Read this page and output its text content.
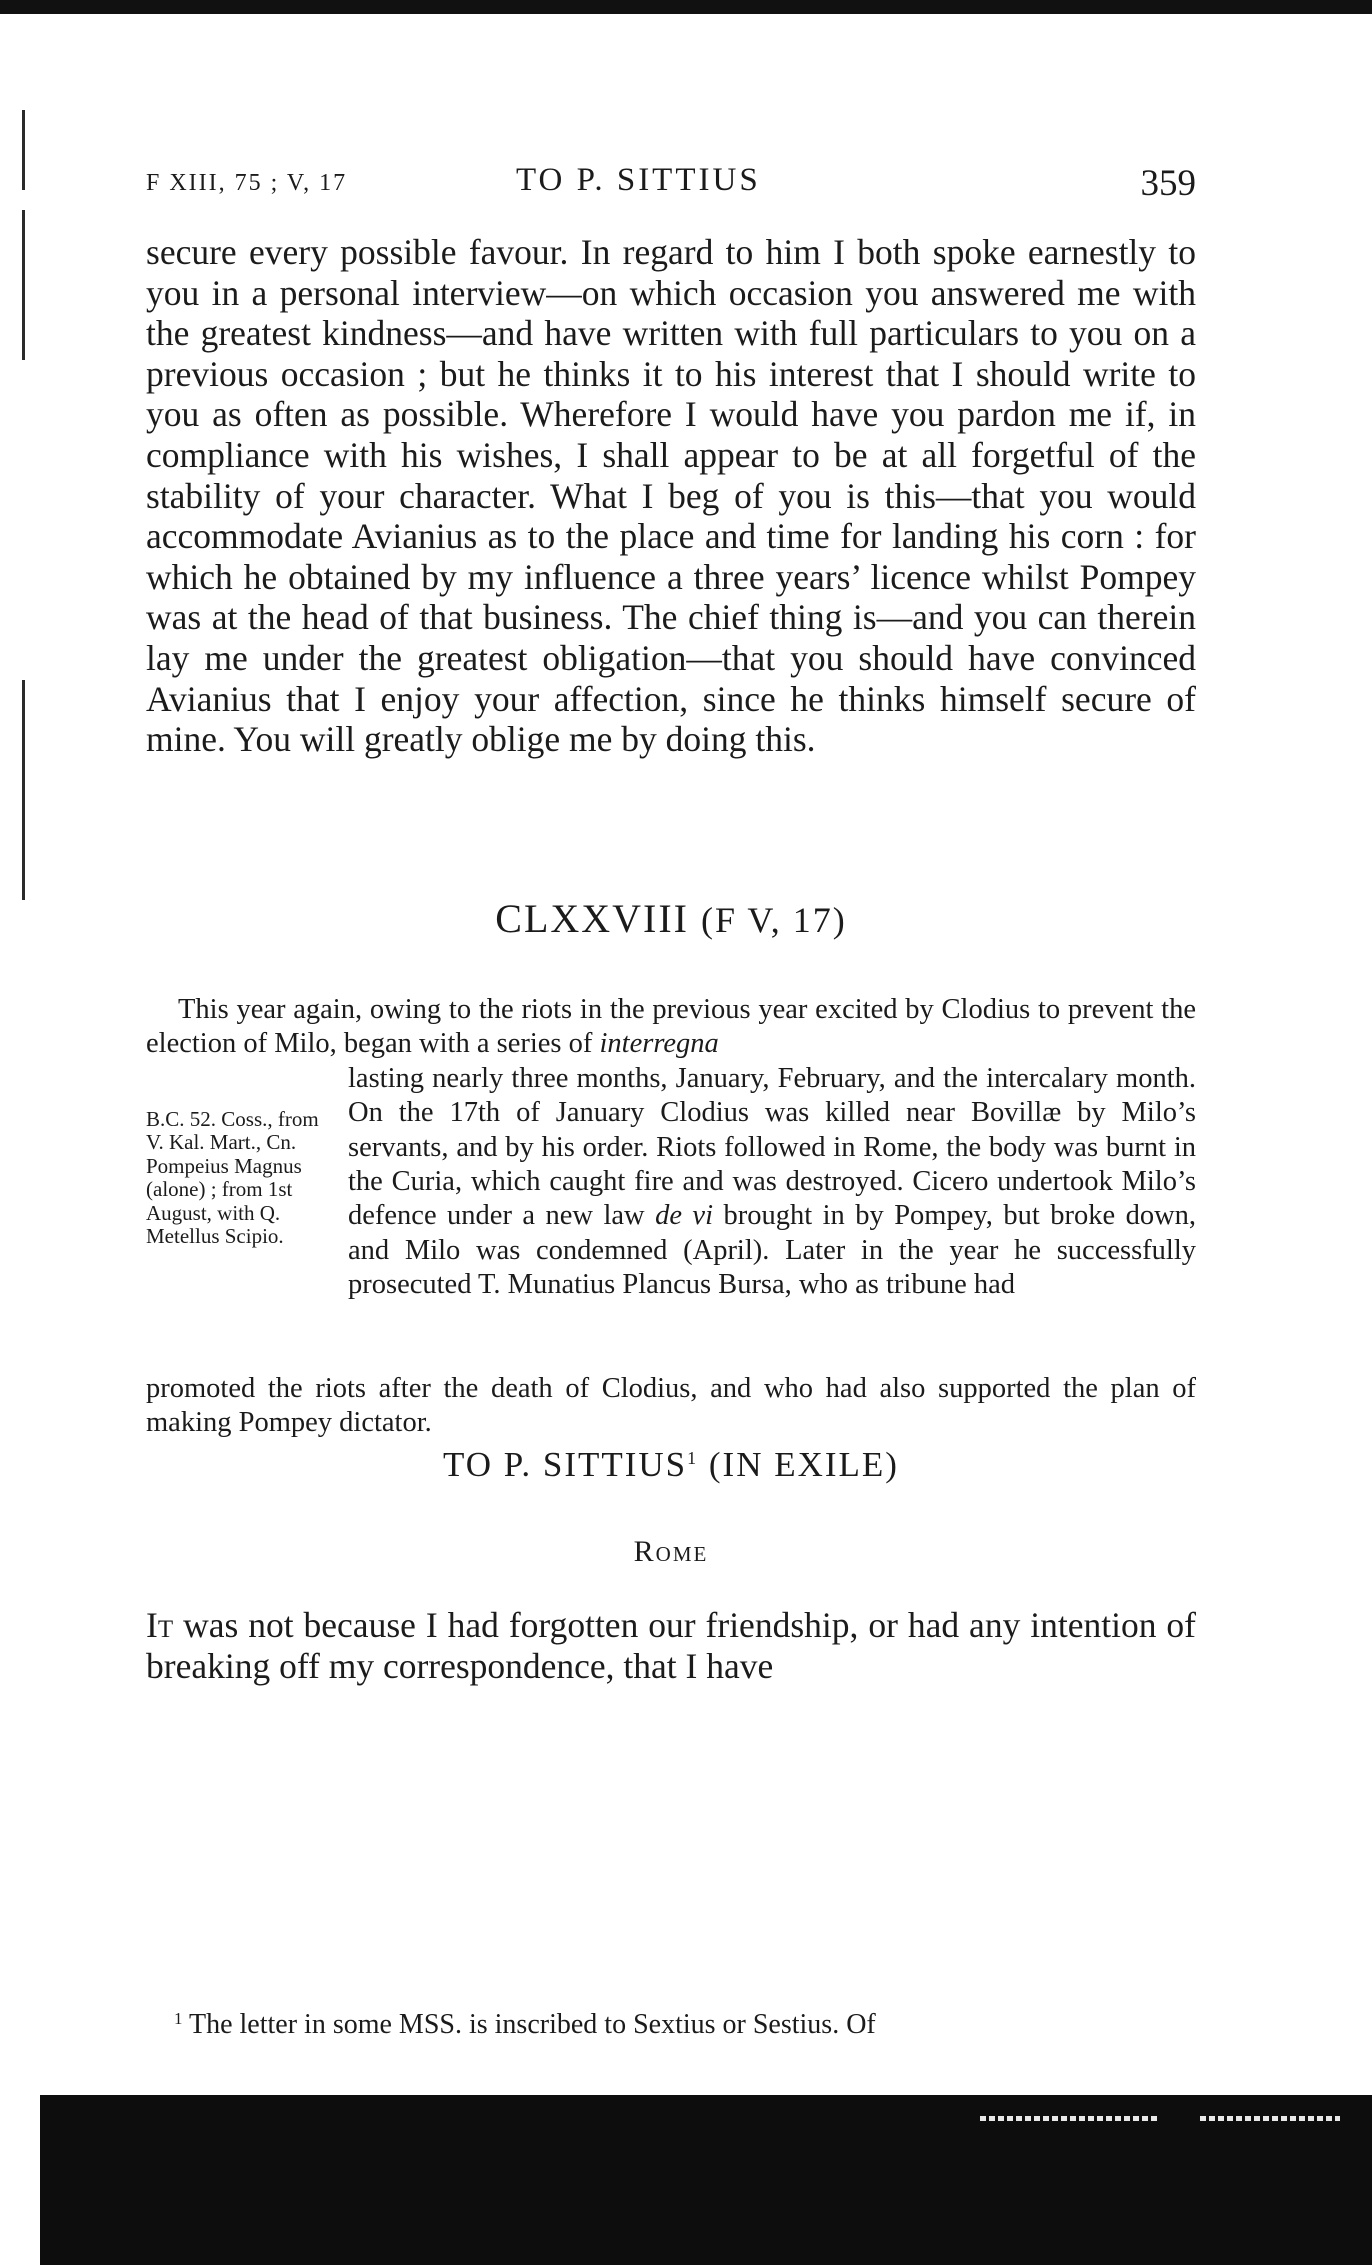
F XIII, 75 ; V, 17	TO P. SITTIUS	359

secure every possible favour. In regard to him I both spoke earnestly to you in a personal interview—on which occasion you answered me with the greatest kindness—and have written with full particulars to you on a previous occasion ; but he thinks it to his interest that I should write to you as often as possible. Wherefore I would have you pardon me if, in compliance with his wishes, I shall appear to be at all forgetful of the stability of your character. What I beg of you is this—that you would accommodate Avianius as to the place and time for landing his corn : for which he obtained by my influence a three years’ licence whilst Pompey was at the head of that business. The chief thing is—and you can therein lay me under the greatest obligation—that you should have convinced Avianius that I enjoy your affection, since he thinks himself secure of mine. You will greatly oblige me by doing this.

CLXXVIII (F V, 17)
This year again, owing to the riots in the previous year excited by Clodius to prevent the election of Milo, began with a series of interregna
B.C. 52. Coss., from V. Kal. Mart., Cn. Pompeius Magnus (alone) ; from 1st August, with Q. Metellus Scipio.
lasting nearly three months, January, February, and the intercalary month. On the 17th of January Clodius was killed near Bovillæ by Milo’s servants, and by his order. Riots followed in Rome, the body was burnt in the Curia, which caught fire and was destroyed. Cicero undertook Milo’s defence under a new law de vi brought in by Pompey, but broke down, and Milo was condemned (April). Later in the year he successfully prosecuted T. Munatius Plancus Bursa, who as tribune had
promoted the riots after the death of Clodius, and who had also supported the plan of making Pompey dictator.
TO P. SITTIUS$^1$ (IN EXILE)
Rome

It was not because I had forgotten our friendship, or had any intention of breaking off my correspondence, that I have

$^1$ The letter in some MSS. is inscribed to Sextius or Sestius. Of
